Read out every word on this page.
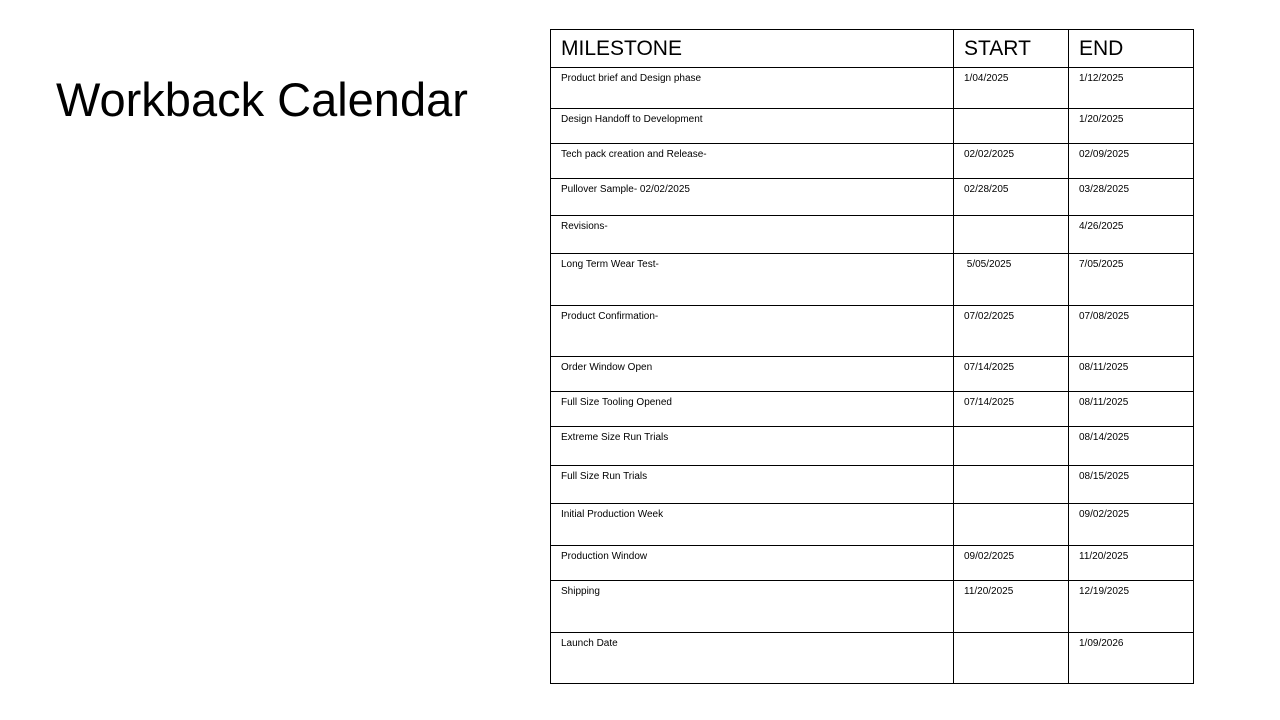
Workback Calendar
MILESTONE	START	END
Product brief and Design phase	1/04/2025	1/12/2025
Design Handoff to Development		1/20/2025
Tech pack creation and Release-	02/02/2025	02/09/2025
Pullover Sample- 02/02/2025	02/28/205	03/28/2025
Revisions-		4/26/2025
Long Term Wear Test-	5/05/2025	7/05/2025
Product Confirmation-	07/02/2025	07/08/2025
Order Window Open	07/14/2025	08/11/2025
Full Size Tooling Opened	07/14/2025	08/11/2025
Extreme Size Run Trials		08/14/2025
Full Size Run Trials		08/15/2025
Initial Production Week		09/02/2025
Production Window	09/02/2025	11/20/2025
Shipping	11/20/2025	12/19/2025
Launch Date		1/09/2026
